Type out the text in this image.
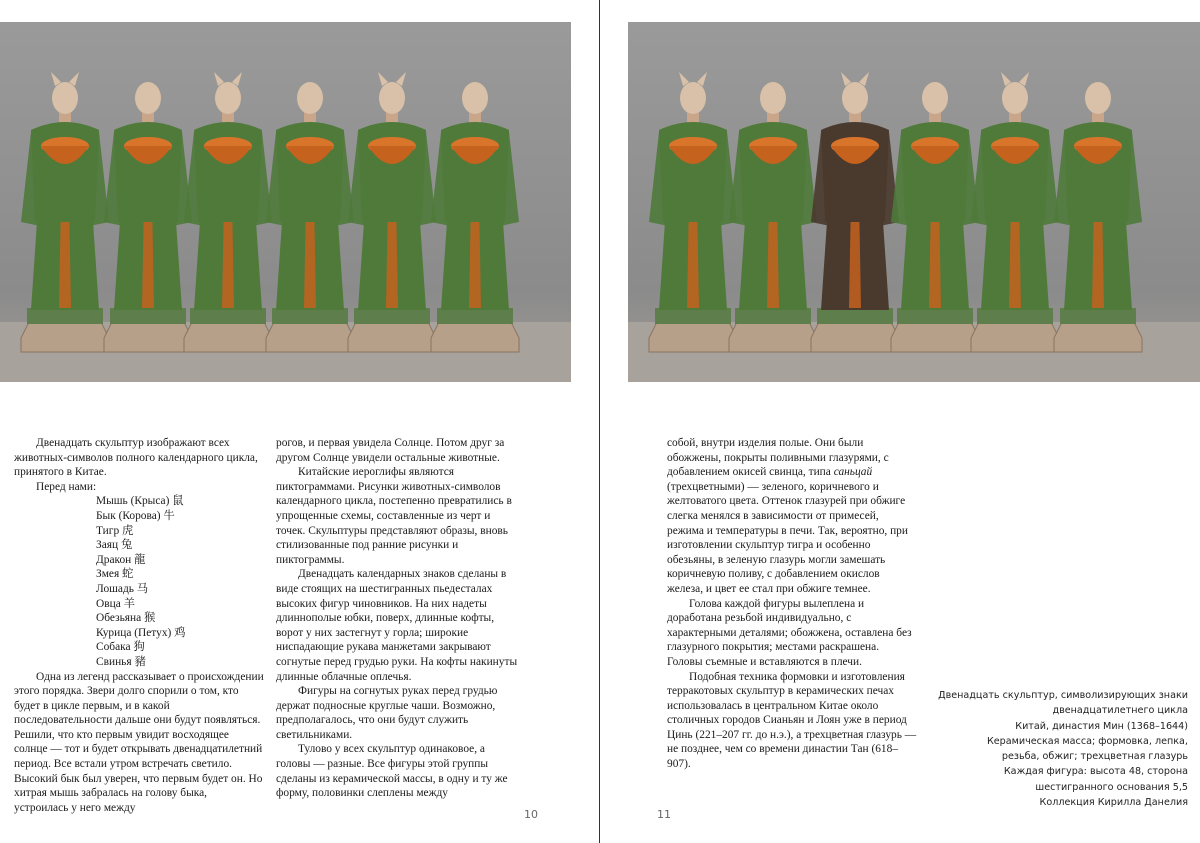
Двенадцать скульптур изображают всех животных-символов полного календарного цикла, принятого в Китае.

Перед нами:

Мышь (Крыса) 鼠
Бык (Корова) 牛
Тигр 虎
Заяц 兔
Дракон 龍
Змея 蛇
Лошадь 马
Овца 羊
Обезьяна 猴
Курица (Петух) 鸡
Собака 狗
Свинья 豬

Одна из легенд рассказывает о происхождении этого порядка. Звери долго спорили о том, кто будет в цикле первым, и в какой последовательности дальше они будут появляться. Решили, что кто первым увидит восходящее солнце — тот и будет открывать двенадцатилетний период. Все встали утром встречать светило. Высокий бык был уверен, что первым будет он. Но хитрая мышь забралась на голову быка, устроилась у него между

рогов, и первая увидела Солнце. Потом друг за другом Солнце увидели остальные животные.

Китайские иероглифы являются пиктограммами. Рисунки животных-символов календарного цикла, постепенно превратились в упрощенные схемы, составленные из черт и точек. Скульптуры представляют образы, вновь стилизованные под ранние рисунки и пиктограммы.

Двенадцать календарных знаков сделаны в виде стоящих на шестигранных пьедесталах высоких фигур чиновников. На них надеты длиннополые юбки, поверх, длинные кофты, ворот у них застегнут у горла; широкие ниспадающие рукава манжетами закрывают согнутые перед грудью руки. На кофты накинуты длинные облачные оплечья.

Фигуры на согнутых руках перед грудью держат подносные круглые чаши. Возможно, предполагалось, что они будут служить светильниками.

Тулово у всех скульптур одинаковое, а головы — разные. Все фигуры этой группы сделаны из керамической массы, в одну и ту же форму, половинки слеплены между

собой, внутри изделия полые. Они были обожжены, покрыты поливными глазурями, с добавлением окисей свинца, типа саньцай (трехцветными) — зеленого, коричневого и желтоватого цвета. Оттенок глазурей при обжиге слегка менялся в зависимости от примесей, режима и температуры в печи. Так, вероятно, при изготовлении скульптур тигра и особенно обезьяны, в зеленую глазурь могли замешать коричневую поливу, с добавлением окислов железа, и цвет ее стал при обжиге темнее.

Голова каждой фигуры вылеплена и доработана резьбой индивидуально, с характерными деталями; обожжена, оставлена без глазурного покрытия; местами раскрашена. Головы съемные и вставляются в плечи.

Подобная техника формовки и изготовления терракотовых скульптур в керамических печах использовалась в центральном Китае около столичных городов Сианьян и Лоян уже в период Цинь (221–207 гг. до н.э.), а трехцветная глазурь — не позднее, чем со времени династии Тан (618–907).

Двенадцать скульптур, символизирующих знаки
двенадцатилетнего цикла
Китай, династия Мин (1368–1644)
Керамическая масса; формовка, лепка,
резьба, обжиг; трехцветная глазурь
Каждая фигура: высота 48, сторона
шестигранного основания 5,5
Коллекция Кирилла Данелия
10	11
